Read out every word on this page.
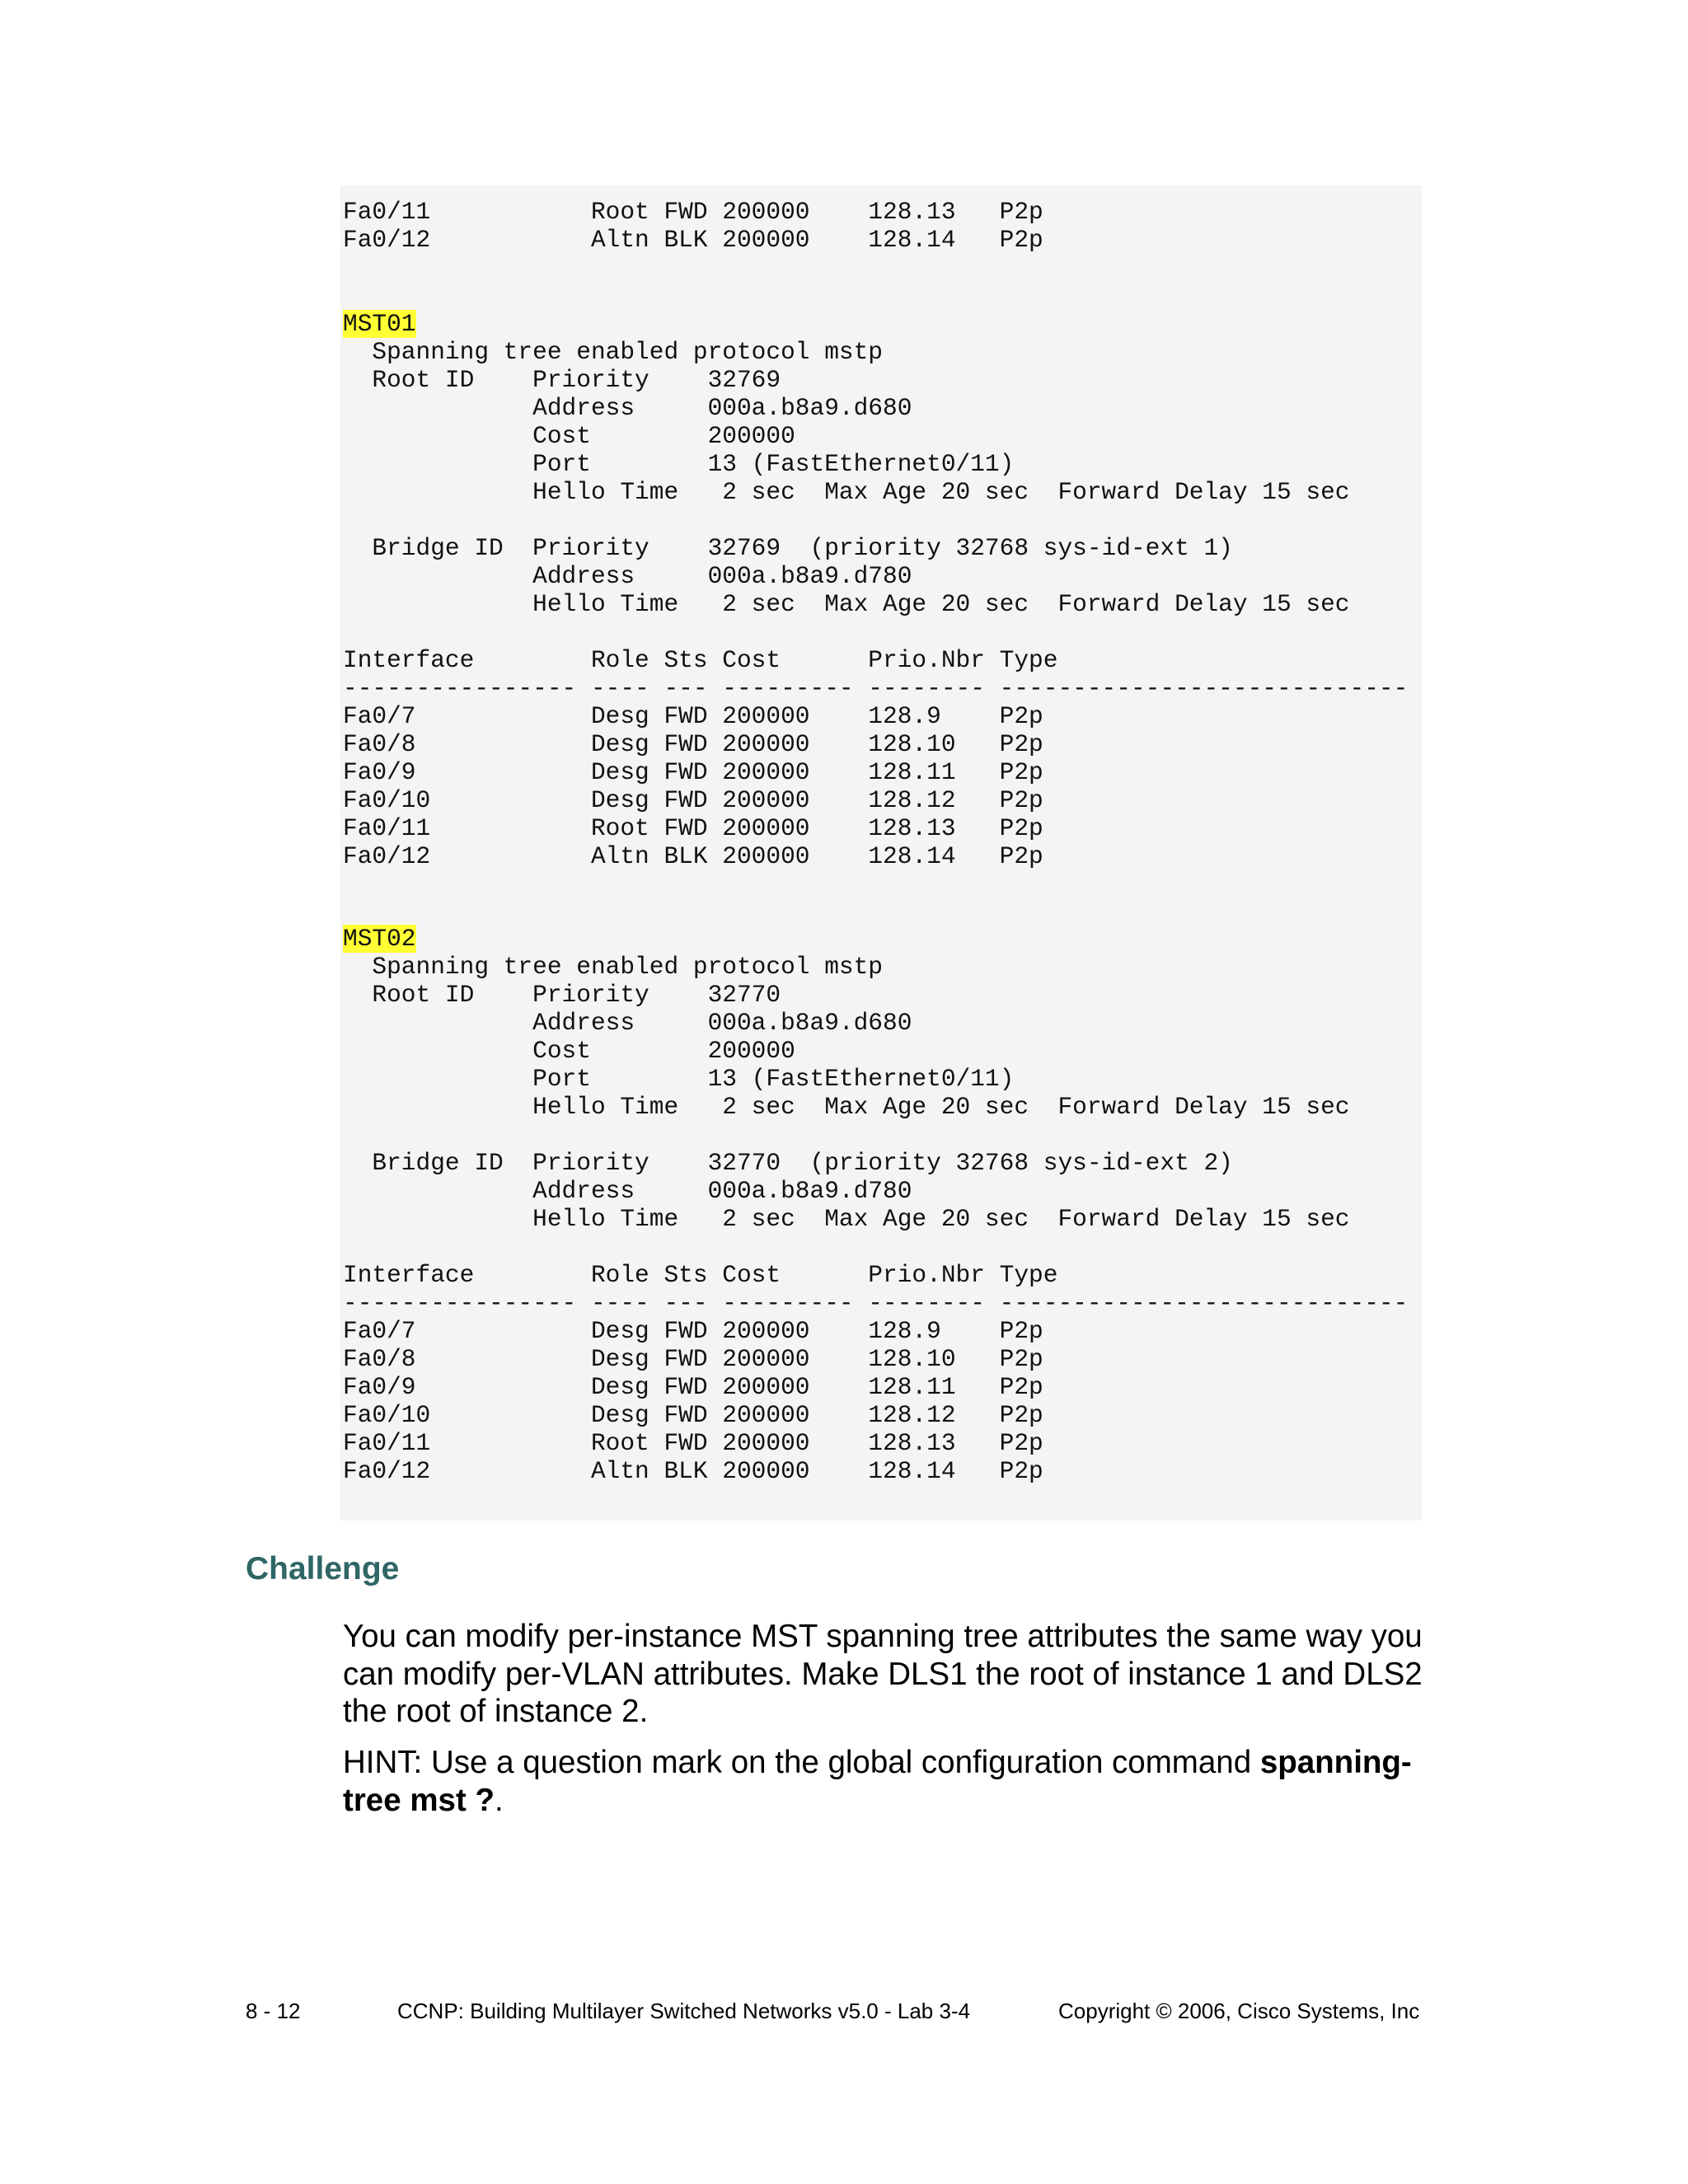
Fa0/11           Root FWD 200000    128.13   P2p
Fa0/12           Altn BLK 200000    128.14   P2p
MST01
Spanning tree enabled protocol mstp
Root ID    Priority    32769
Address     000a.b8a9.d680
Cost        200000
Port        13 (FastEthernet0/11)
Hello Time   2 sec  Max Age 20 sec  Forward Delay 15 sec
Bridge ID  Priority    32769  (priority 32768 sys-id-ext 1)
Address     000a.b8a9.d780
Hello Time   2 sec  Max Age 20 sec  Forward Delay 15 sec
Interface        Role Sts Cost      Prio.Nbr Type
---------------- ---- --- --------- -------- ----------------------------
Fa0/7            Desg FWD 200000    128.9    P2p
Fa0/8            Desg FWD 200000    128.10   P2p
Fa0/9            Desg FWD 200000    128.11   P2p
Fa0/10           Desg FWD 200000    128.12   P2p
Fa0/11           Root FWD 200000    128.13   P2p
Fa0/12           Altn BLK 200000    128.14   P2p
MST02
Spanning tree enabled protocol mstp
Root ID    Priority    32770
Address     000a.b8a9.d680
Cost        200000
Port        13 (FastEthernet0/11)
Hello Time   2 sec  Max Age 20 sec  Forward Delay 15 sec
Bridge ID  Priority    32770  (priority 32768 sys-id-ext 2)
Address     000a.b8a9.d780
Hello Time   2 sec  Max Age 20 sec  Forward Delay 15 sec
Interface        Role Sts Cost      Prio.Nbr Type
---------------- ---- --- --------- -------- ----------------------------
Fa0/7            Desg FWD 200000    128.9    P2p
Fa0/8            Desg FWD 200000    128.10   P2p
Fa0/9            Desg FWD 200000    128.11   P2p
Fa0/10           Desg FWD 200000    128.12   P2p
Fa0/11           Root FWD 200000    128.13   P2p
Fa0/12           Altn BLK 200000    128.14   P2p
Challenge
You can modify per-instance MST spanning tree attributes the same way you can modify per-VLAN attributes. Make DLS1 the root of instance 1 and DLS2 the root of instance 2.
HINT: Use a question mark on the global configuration command spanning-tree mst ?.
8 - 12	CCNP: Building Multilayer Switched Networks v5.0 - Lab 3-4	Copyright © 2006, Cisco Systems, Inc
